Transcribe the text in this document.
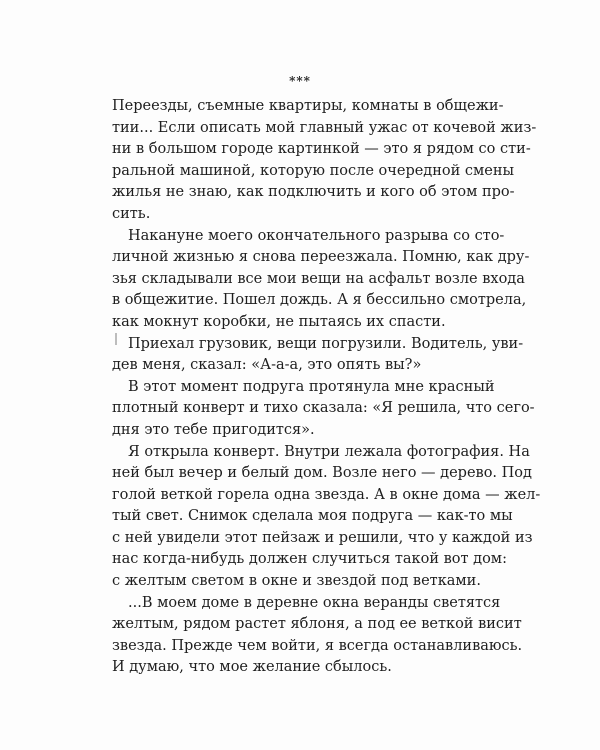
***
Переезды, съемные квартиры, комнаты в общежи-
тии... Если описать мой главный ужас от кочевой жиз-
ни в большом городе картинкой — это я рядом со сти-
ральной машиной, которую после очередной смены
жилья не знаю, как подключить и кого об этом про-
сить.
Накануне моего окончательного разрыва со сто-
личной жизнью я снова переезжала. Помню, как дру-
зья складывали все мои вещи на асфальт возле входа
в общежитие. Пошел дождь. А я бессильно смотрела,
как мокнут коробки, не пытаясь их спасти.
Приехал грузовик, вещи погрузили. Водитель, уви-
дев меня, сказал: «А-а-а, это опять вы?»
В этот момент подруга протянула мне красный
плотный конверт и тихо сказала: «Я решила, что сего-
дня это тебе пригодится».
Я открыла конверт. Внутри лежала фотография. На
ней был вечер и белый дом. Возле него — дерево. Под
голой веткой горела одна звезда. А в окне дома — жел-
тый свет. Снимок сделала моя подруга — как-то мы
с ней увидели этот пейзаж и решили, что у каждой из
нас когда-нибудь должен случиться такой вот дом:
с желтым светом в окне и звездой под ветками.
...В моем доме в деревне окна веранды светятся
желтым, рядом растет яблоня, а под ее веткой висит
звезда. Прежде чем войти, я всегда останавливаюсь.
И думаю, что мое желание сбылось.
